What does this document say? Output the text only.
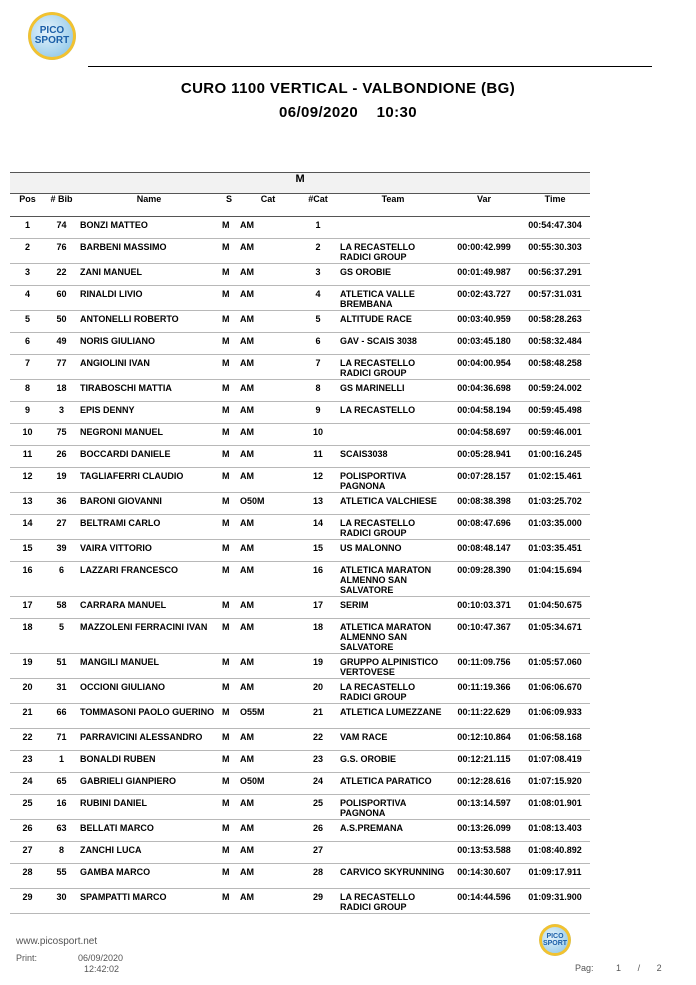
PICO
SPORT
CURO 1100 VERTICAL - VALBONDIONE (BG)
06/09/2020 10:30
M								
Pos	# Bib	Name	S	Cat	#Cat	Team	Var	Time
1	74	BONZI MATTEO	M	AM	1			00:54:47.304
2	76	BARBENI MASSIMO	M	AM	2	LA RECASTELLO RADICI GROUP	00:00:42.999	00:55:30.303
3	22	ZANI MANUEL	M	AM	3	GS OROBIE	00:01:49.987	00:56:37.291
4	60	RINALDI LIVIO	M	AM	4	ATLETICA VALLE BREMBANA	00:02:43.727	00:57:31.031
5	50	ANTONELLI ROBERTO	M	AM	5	ALTITUDE RACE	00:03:40.959	00:58:28.263
6	49	NORIS GIULIANO	M	AM	6	GAV - SCAIS 3038	00:03:45.180	00:58:32.484
7	77	ANGIOLINI IVAN	M	AM	7	LA RECASTELLO RADICI GROUP	00:04:00.954	00:58:48.258
8	18	TIRABOSCHI MATTIA	M	AM	8	GS MARINELLI	00:04:36.698	00:59:24.002
9	3	EPIS DENNY	M	AM	9	LA RECASTELLO	00:04:58.194	00:59:45.498
10	75	NEGRONI MANUEL	M	AM	10		00:04:58.697	00:59:46.001
11	26	BOCCARDI DANIELE	M	AM	11	SCAIS3038	00:05:28.941	01:00:16.245
12	19	TAGLIAFERRI CLAUDIO	M	AM	12	POLISPORTIVA PAGNONA	00:07:28.157	01:02:15.461
13	36	BARONI GIOVANNI	M	O50M	13	ATLETICA VALCHIESE	00:08:38.398	01:03:25.702
14	27	BELTRAMI CARLO	M	AM	14	LA RECASTELLO RADICI GROUP	00:08:47.696	01:03:35.000
15	39	VAIRA VITTORIO	M	AM	15	US MALONNO	00:08:48.147	01:03:35.451
16	6	LAZZARI FRANCESCO	M	AM	16	ATLETICA MARATON ALMENNO SAN SALVATORE	00:09:28.390	01:04:15.694
17	58	CARRARA MANUEL	M	AM	17	SERIM	00:10:03.371	01:04:50.675
18	5	MAZZOLENI FERRACINI IVAN	M	AM	18	ATLETICA MARATON ALMENNO SAN SALVATORE	00:10:47.367	01:05:34.671
19	51	MANGILI MANUEL	M	AM	19	GRUPPO ALPINISTICO VERTOVESE	00:11:09.756	01:05:57.060
20	31	OCCIONI GIULIANO	M	AM	20	LA RECASTELLO RADICI GROUP	00:11:19.366	01:06:06.670
21	66	TOMMASONI PAOLO GUERINO	M	O55M	21	ATLETICA LUMEZZANE	00:11:22.629	01:06:09.933
22	71	PARRAVICINI ALESSANDRO	M	AM	22	VAM RACE	00:12:10.864	01:06:58.168
23	1	BONALDI RUBEN	M	AM	23	G.S. OROBIE	00:12:21.115	01:07:08.419
24	65	GABRIELI GIANPIERO	M	O50M	24	ATLETICA PARATICO	00:12:28.616	01:07:15.920
25	16	RUBINI DANIEL	M	AM	25	POLISPORTIVA PAGNONA	00:13:14.597	01:08:01.901
26	63	BELLATI MARCO	M	AM	26	A.S.PREMANA	00:13:26.099	01:08:13.403
27	8	ZANCHI LUCA	M	AM	27		00:13:53.588	01:08:40.892
28	55	GAMBA MARCO	M	AM	28	CARVICO SKYRUNNING	00:14:30.607	01:09:17.911
29	30	SPAMPATTI MARCO	M	AM	29	LA RECASTELLO RADICI GROUP	00:14:44.596	01:09:31.900
www.picosport.net
Print:	06/09/2020
12:42:02
PICO
SPORT
Pag:	1 / 2
